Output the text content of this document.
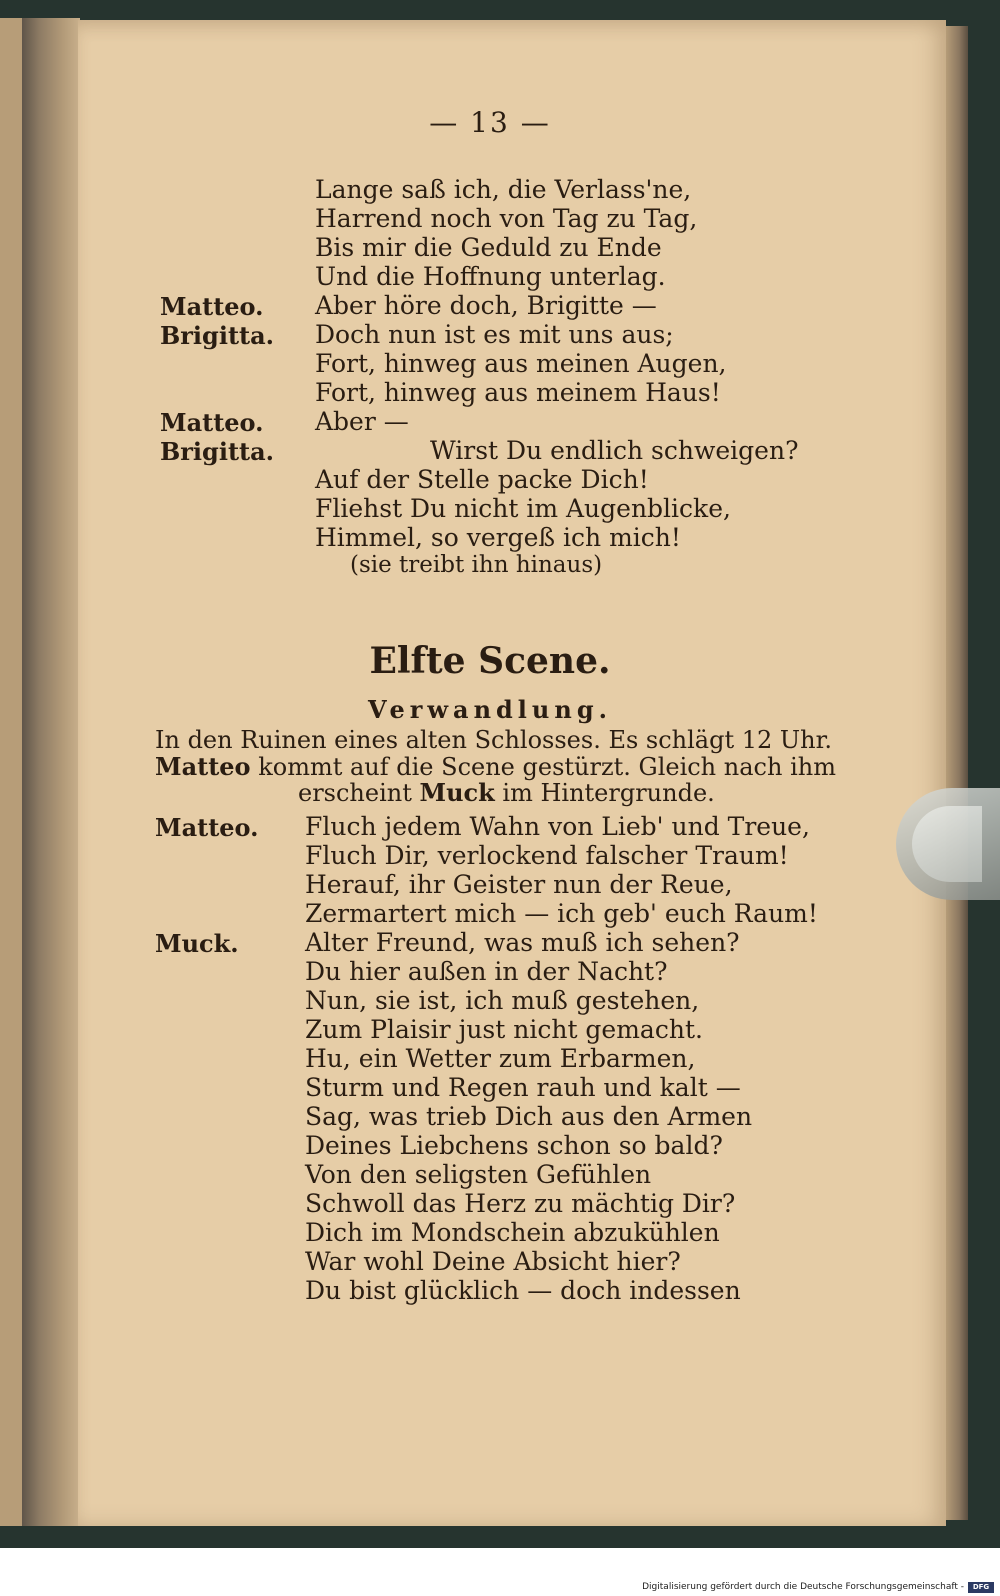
— 13 —
Lange saß ich, die Verlass'ne,
Harrend noch von Tag zu Tag,
Bis mir die Geduld zu Ende
Und die Hoffnung unterlag.
Matteo. Aber höre doch, Brigitte —
Brigitta. Doch nun ist es mit uns aus;
Fort, hinweg aus meinen Augen,
Fort, hinweg aus meinem Haus!
Matteo. Aber —
Brigitta.	Wirst Du endlich schweigen?
Auf der Stelle packe Dich!
Fliehst Du nicht im Augenblicke,
Himmel, so vergeß ich mich!
(sie treibt ihn hinaus)
Elfte Scene.
Verwandlung.
In den Ruinen eines alten Schlosses. Es schlägt 12 Uhr.
Matteo kommt auf die Scene gestürzt. Gleich nach ihm
erscheint Muck im Hintergrunde.
Matteo. Fluch jedem Wahn von Lieb' und Treue,
Fluch Dir, verlockend falscher Traum!
Herauf, ihr Geister nun der Reue,
Zermartert mich — ich geb' euch Raum!
Muck.	Alter Freund, was muß ich sehen?
Du hier außen in der Nacht?
Nun, sie ist, ich muß gestehen,
Zum Plaisir just nicht gemacht.
Hu, ein Wetter zum Erbarmen,
Sturm und Regen rauh und kalt —
Sag, was trieb Dich aus den Armen
Deines Liebchens schon so bald?
Von den seligsten Gefühlen
Schwoll das Herz zu mächtig Dir?
Dich im Mondschein abzukühlen
War wohl Deine Absicht hier?
Du bist glücklich — doch indessen
Digitalisierung gefördert durch die Deutsche Forschungsgemeinschaft -	DFG
